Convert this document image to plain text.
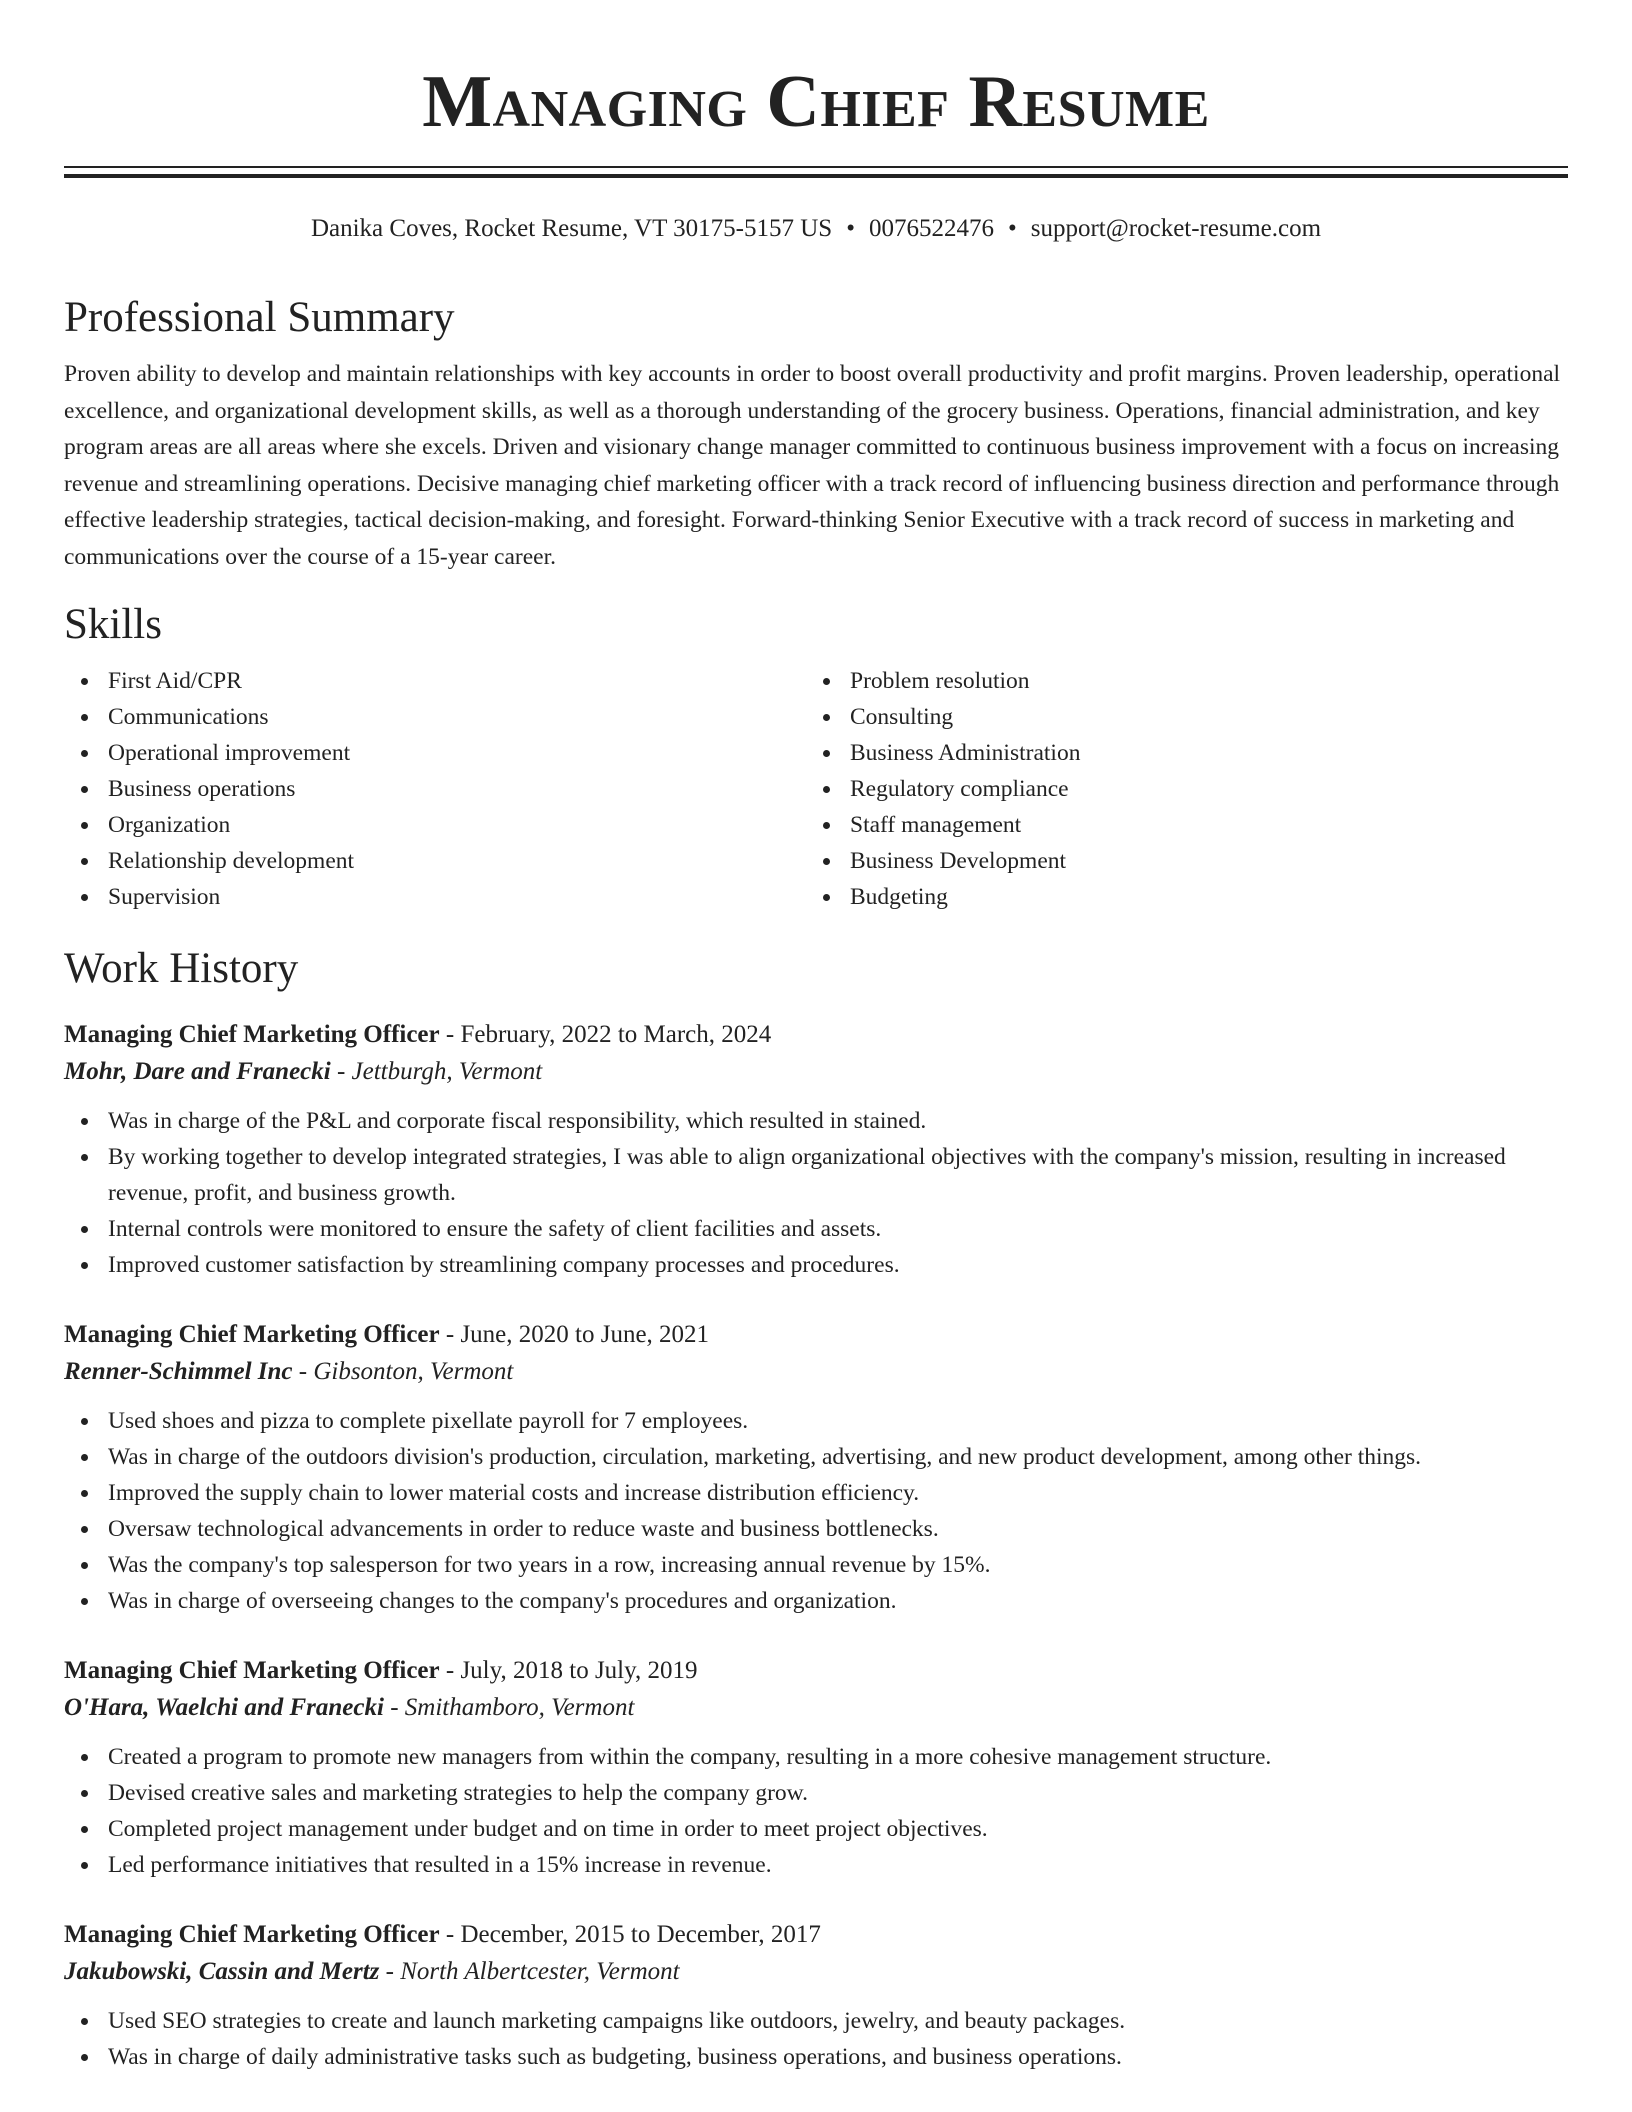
Managing Chief Resume
Danika Coves, Rocket Resume, VT 30175-5157 US • 0076522476 • support@rocket-resume.com
Professional Summary

Proven ability to develop and maintain relationships with key accounts in order to boost overall productivity and profit margins. Proven leadership, operational excellence, and organizational development skills, as well as a thorough understanding of the grocery business. Operations, financial administration, and key program areas are all areas where she excels. Driven and visionary change manager committed to continuous business improvement with a focus on increasing revenue and streamlining operations. Decisive managing chief marketing officer with a track record of influencing business direction and performance through effective leadership strategies, tactical decision-making, and foresight. Forward-thinking Senior Executive with a track record of success in marketing and communications over the course of a 15-year career.

Skills
First Aid/CPR
Communications
Operational improvement
Business operations
Organization
Relationship development
Supervision
Problem resolution
Consulting
Business Administration
Regulatory compliance
Staff management
Business Development
Budgeting
Work History
Managing Chief Marketing Officer - February, 2022 to March, 2024
Mohr, Dare and Franecki - Jettburgh, Vermont
Was in charge of the P&L and corporate fiscal responsibility, which resulted in stained.
By working together to develop integrated strategies, I was able to align organizational objectives with the company's mission, resulting in increased revenue, profit, and business growth.
Internal controls were monitored to ensure the safety of client facilities and assets.
Improved customer satisfaction by streamlining company processes and procedures.
Managing Chief Marketing Officer - June, 2020 to June, 2021
Renner-Schimmel Inc - Gibsonton, Vermont
Used shoes and pizza to complete pixellate payroll for 7 employees.
Was in charge of the outdoors division's production, circulation, marketing, advertising, and new product development, among other things.
Improved the supply chain to lower material costs and increase distribution efficiency.
Oversaw technological advancements in order to reduce waste and business bottlenecks.
Was the company's top salesperson for two years in a row, increasing annual revenue by 15%.
Was in charge of overseeing changes to the company's procedures and organization.
Managing Chief Marketing Officer - July, 2018 to July, 2019
O'Hara, Waelchi and Franecki - Smithamboro, Vermont
Created a program to promote new managers from within the company, resulting in a more cohesive management structure.
Devised creative sales and marketing strategies to help the company grow.
Completed project management under budget and on time in order to meet project objectives.
Led performance initiatives that resulted in a 15% increase in revenue.
Managing Chief Marketing Officer - December, 2015 to December, 2017
Jakubowski, Cassin and Mertz - North Albertcester, Vermont
Used SEO strategies to create and launch marketing campaigns like outdoors, jewelry, and beauty packages.
Was in charge of daily administrative tasks such as budgeting, business operations, and business operations.
